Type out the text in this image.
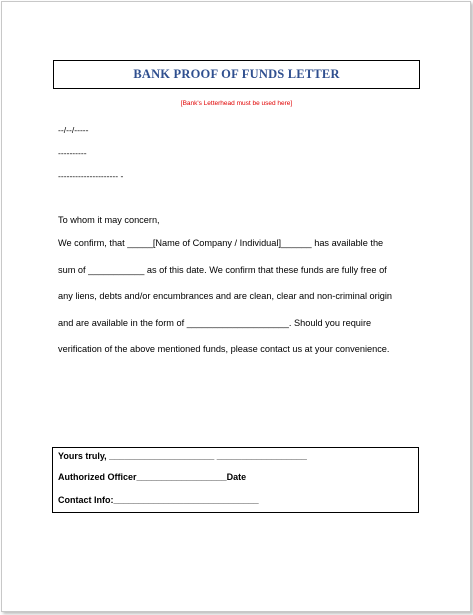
BANK PROOF OF FUNDS LETTER
[Bank's Letterhead must be used here]
--/--/-----
----------
--------------------- -
To whom it may concern,
We confirm, that _____[Name of Company / Individual]______ has available the
sum of ___________ as of this date. We confirm that these funds are fully free of
any liens, debts and/or encumbrances and are clean, clear and non-criminal origin
and are available in the form of ____________________. Should you require
verification of the above mentioned funds, please contact us at your convenience.
Yours truly, _____________________ __________________
Authorized Officer__________________Date
Contact Info:_____________________________
